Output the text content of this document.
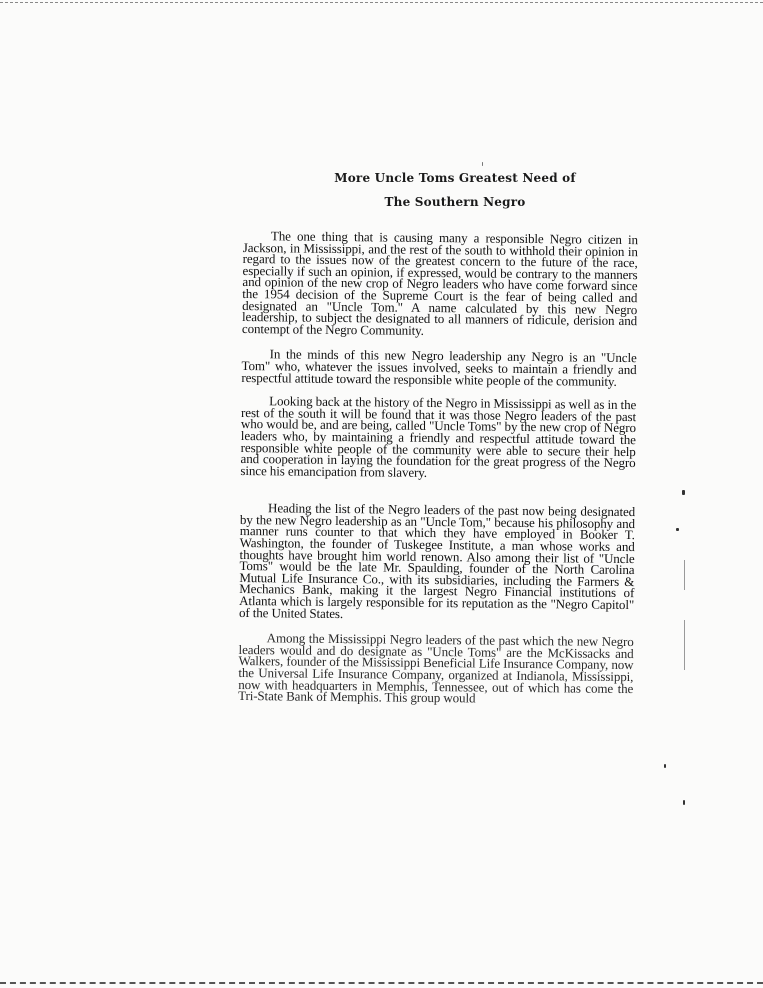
More Uncle Toms Greatest Need of
The Southern Negro

The one thing that is causing many a responsible Negro citizen in Jackson, in Mississippi, and the rest of the south to withhold their opinion in regard to the issues now of the greatest concern to the future of the race, especially if such an opinion, if expressed, would be contrary to the manners and opinion of the new crop of Negro leaders who have come forward since the 1954 decision of the Supreme Court is the fear of being called and designated an "Uncle Tom." A name calculated by this new Negro leadership, to subject the designated to all manners of ridicule, derision and contempt of the Negro Community.

In the minds of this new Negro leadership any Negro is an "Uncle Tom" who, whatever the issues involved, seeks to maintain a friendly and respectful attitude toward the responsible white people of the community.

Looking back at the history of the Negro in Mississippi as well as in the rest of the south it will be found that it was those Negro leaders of the past who would be, and are being, called "Uncle Toms" by the new crop of Negro leaders who, by maintaining a friendly and respectful attitude toward the responsible white people of the community were able to secure their help and cooperation in laying the foundation for the great progress of the Negro since his emancipation from slavery.

Heading the list of the Negro leaders of the past now being designated by the new Negro leadership as an "Uncle Tom," because his philosophy and manner runs counter to that which they have employed in Booker T. Washington, the founder of Tuskegee Institute, a man whose works and thoughts have brought him world renown. Also among their list of "Uncle Toms" would be the late Mr. Spaulding, founder of the North Carolina Mutual Life Insurance Co., with its subsidiaries, including the Farmers & Mechanics Bank, making it the largest Negro Financial institutions of Atlanta which is largely responsible for its reputation as the "Negro Capitol" of the United States.

Among the Mississippi Negro leaders of the past which the new Negro leaders would and do designate as "Uncle Toms" are the McKissacks and Walkers, founder of the Mississippi Beneficial Life Insurance Company, now the Universal Life Insurance Company, organized at Indianola, Mississippi, now with headquarters in Memphis, Tennessee, out of which has come the Tri-State Bank of Memphis. This group would
